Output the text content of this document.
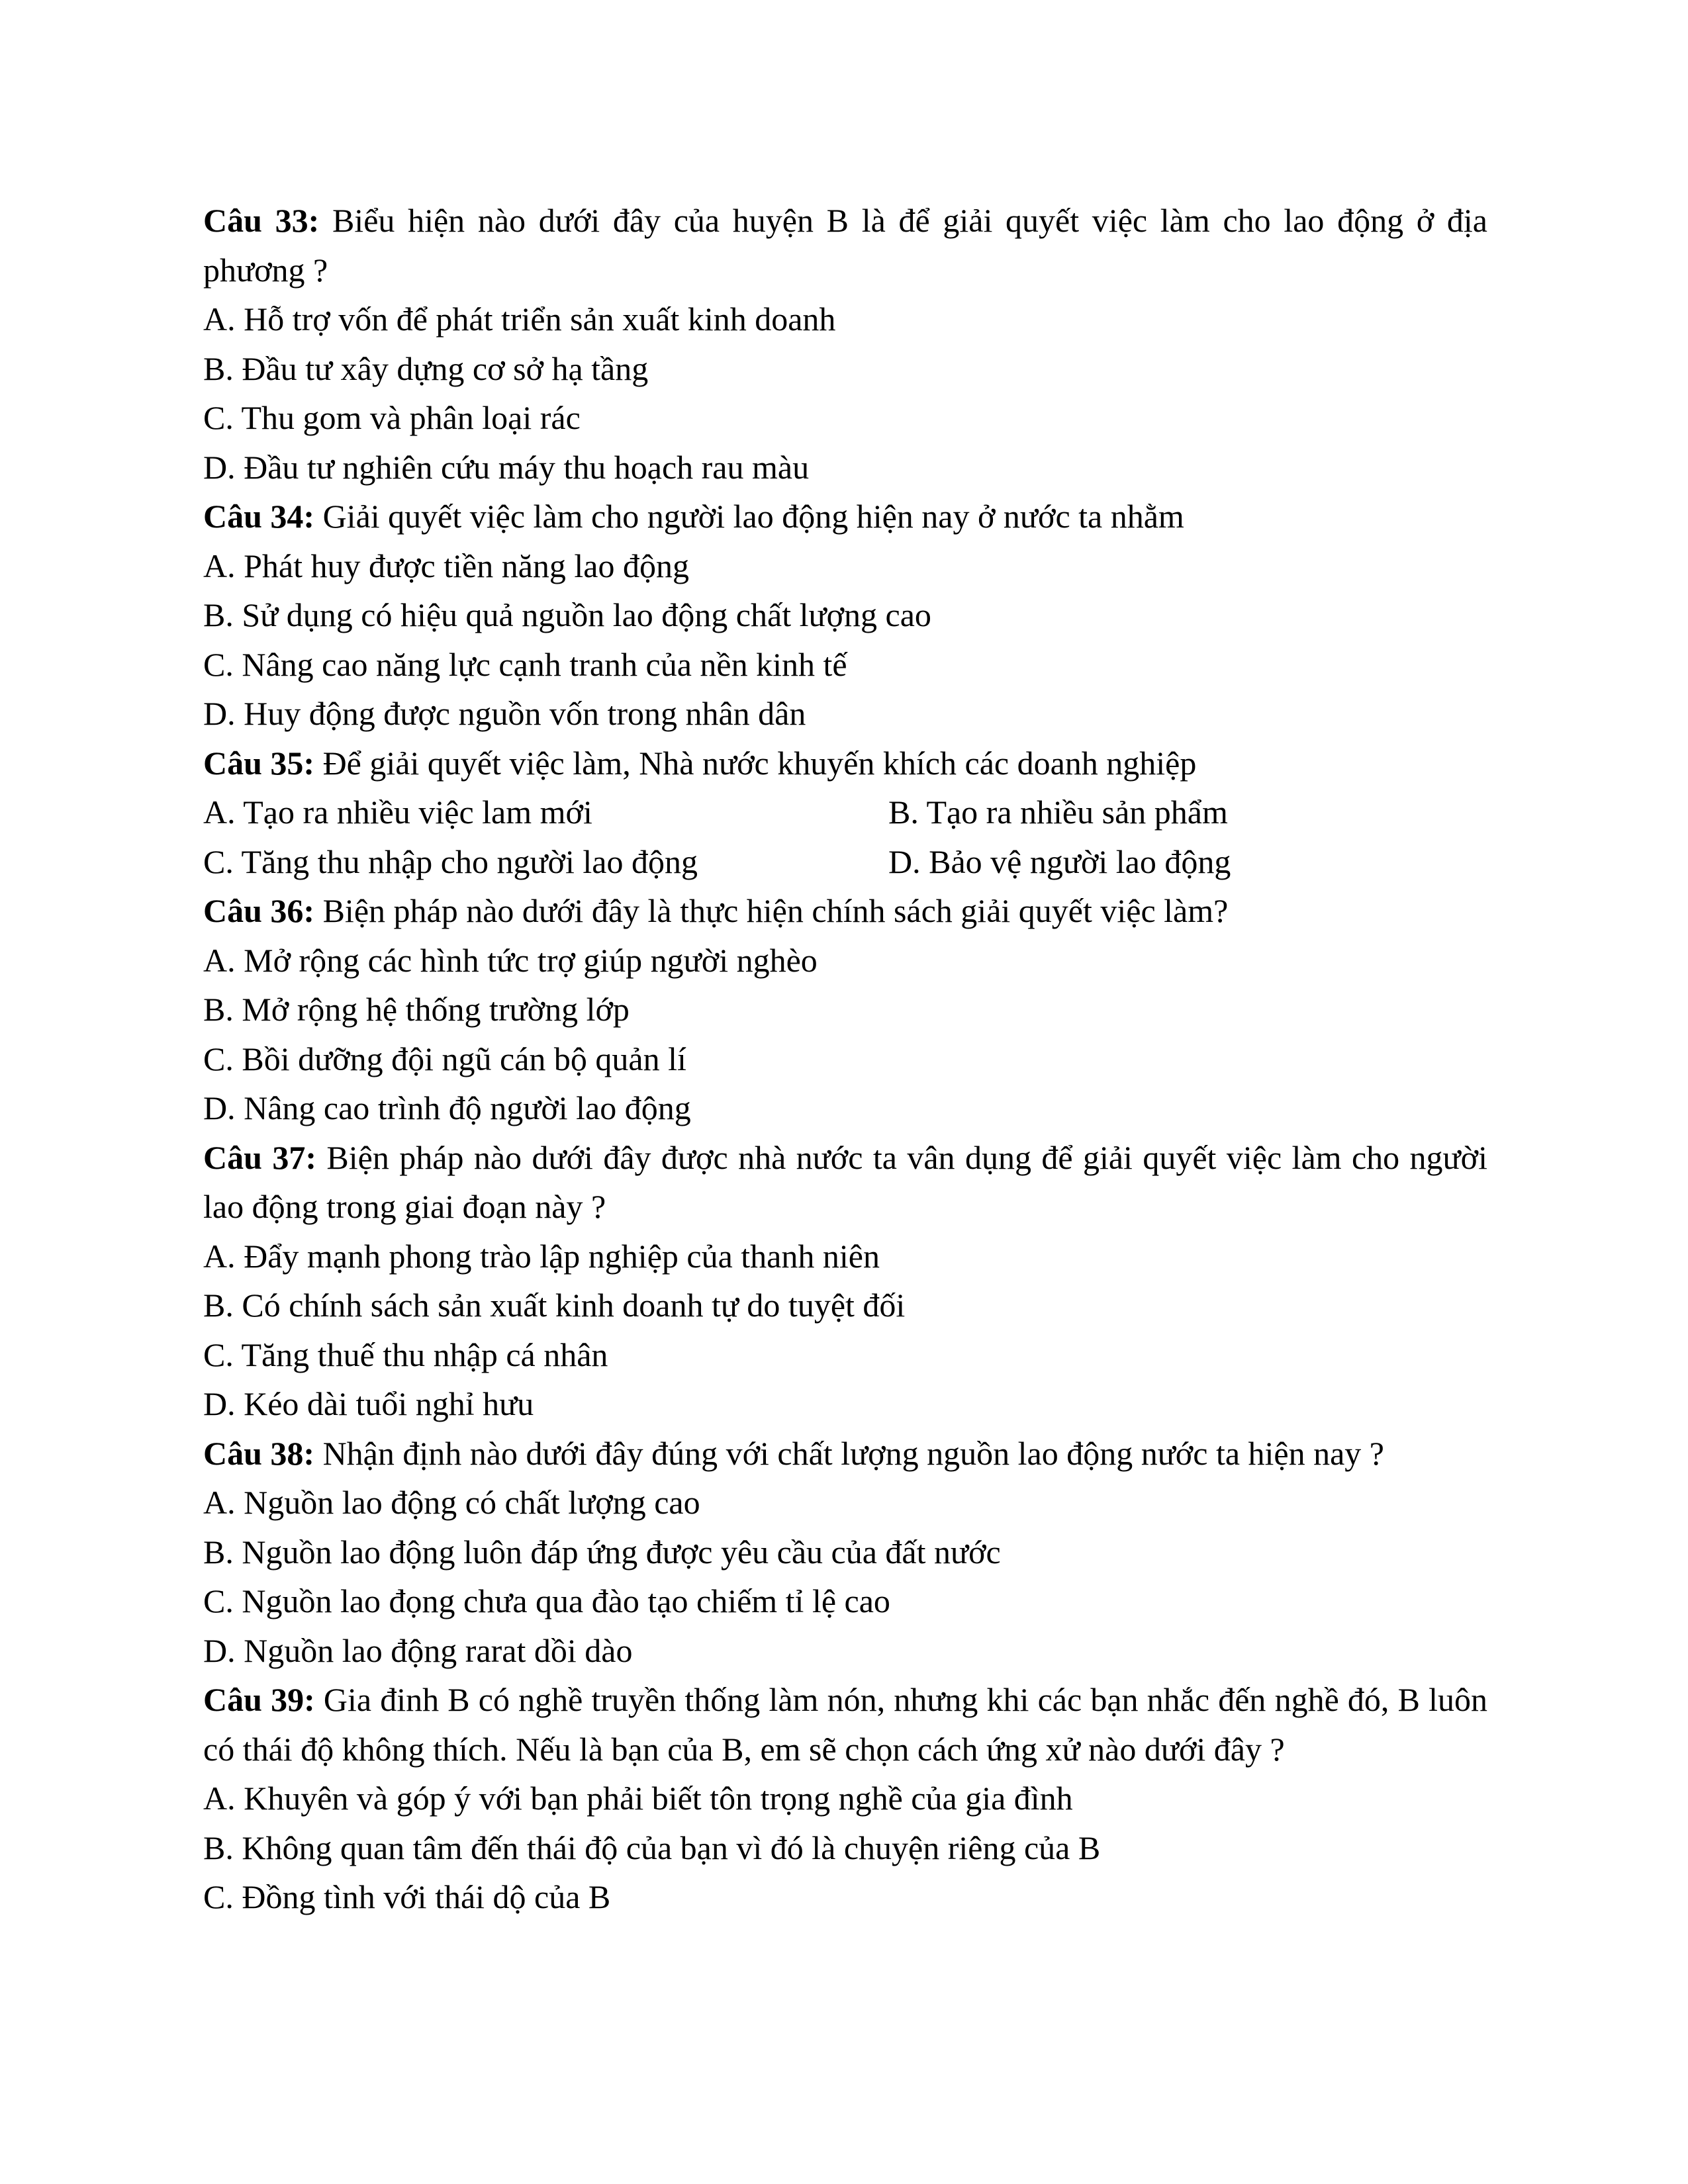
Câu 33: Biểu hiện nào dưới đây của huyện B là để giải quyết việc làm cho lao động ở địa phương ?
A. Hỗ trợ vốn để phát triển sản xuất kinh doanh
B. Đầu tư xây dựng cơ sở hạ tầng
C. Thu gom và phân loại rác
D. Đầu tư nghiên cứu máy thu hoạch rau màu
Câu 34: Giải quyết việc làm cho người lao động hiện nay ở nước ta nhằm
A. Phát huy được tiền năng lao động
B. Sử dụng có hiệu quả nguồn lao động chất lượng cao
C. Nâng cao năng lực cạnh tranh của nền kinh tế
D. Huy động được nguồn vốn trong nhân dân
Câu 35: Để giải quyết việc làm, Nhà nước khuyến khích các doanh nghiệp
A. Tạo ra nhiều việc lam mới	B. Tạo ra nhiều sản phẩm
C. Tăng thu nhập cho người lao động	D. Bảo vệ người lao động
Câu 36: Biện pháp nào dưới đây là thực hiện chính sách giải quyết việc làm?
A. Mở rộng các hình tức trợ giúp người nghèo
B. Mở rộng hệ thống trường lớp
C. Bồi dưỡng đội ngũ cán bộ quản lí
D. Nâng cao trình độ người lao động
Câu 37: Biện pháp nào dưới đây được nhà nước ta vân dụng để giải quyết việc làm cho người lao động trong giai đoạn này ?
A. Đẩy mạnh phong trào lập nghiệp của thanh niên
B. Có chính sách sản xuất kinh doanh tự do tuyệt đối
C. Tăng thuế thu nhập cá nhân
D. Kéo dài tuổi nghỉ hưu
Câu 38: Nhận định nào dưới đây đúng với chất lượng nguồn lao động nước ta hiện nay ?
A. Nguồn lao động có chất lượng cao
B. Nguồn lao động luôn đáp ứng được yêu cầu của đất nước
C. Nguồn lao đọng chưa qua đào tạo chiếm tỉ lệ cao
D. Nguồn lao động rarat dồi dào
Câu 39: Gia đinh B có nghề truyền thống làm nón, nhưng khi các bạn nhắc đến nghề đó, B luôn có thái độ không thích. Nếu là bạn của B, em sẽ chọn cách ứng xử nào dưới đây ?
A. Khuyên và góp ý với bạn phải biết tôn trọng nghề của gia đình
B. Không quan tâm đến thái độ của bạn vì đó là chuyện riêng của B
C. Đồng tình với thái dộ của B
